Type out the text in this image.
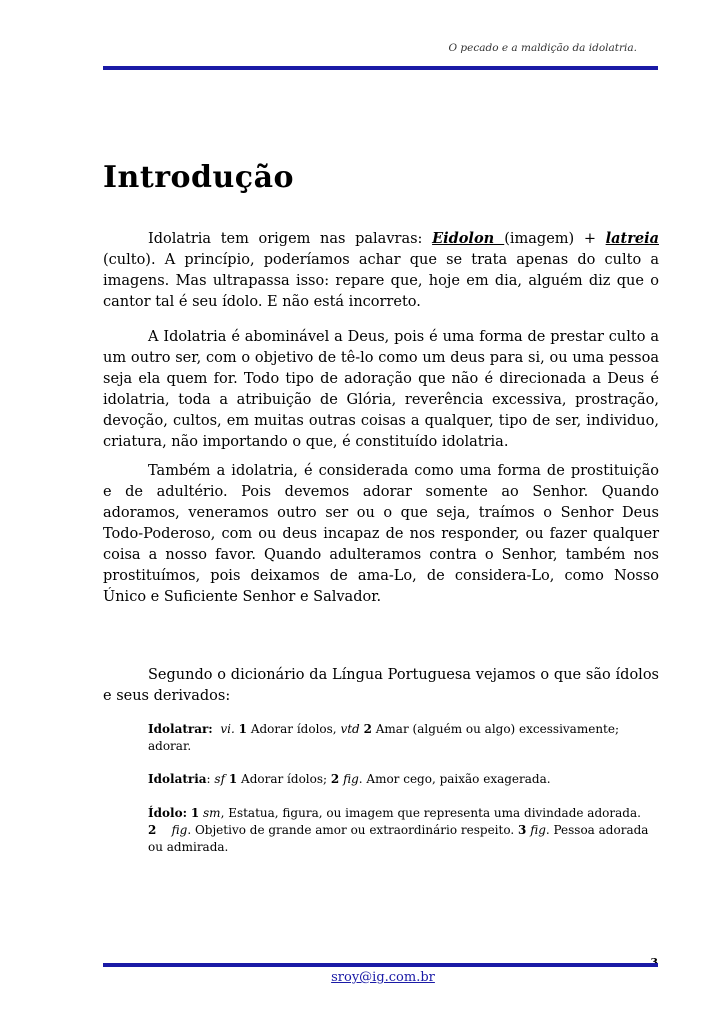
O pecado e a maldição da idolatria.
Introdução

Idolatria tem origem nas palavras: Eidolon (imagem) + latreia (culto). A princípio, poderíamos achar que se trata apenas do culto a imagens. Mas ultrapassa isso: repare que, hoje em dia, alguém diz que o cantor tal é seu ídolo. E não está incorreto.

A Idolatria é abominável a Deus, pois é uma forma de prestar culto a um outro ser, com o objetivo de tê-lo como um deus para si, ou uma pessoa seja ela quem for. Todo tipo de adoração que não é direcionada a Deus é idolatria, toda a atribuição de Glória, reverência excessiva, prostração, devoção, cultos, em muitas outras coisas a qualquer, tipo de ser, individuo, criatura, não importando o que, é constituído idolatria.

Também a idolatria, é considerada como uma forma de prostituição e de adultério. Pois devemos adorar somente ao Senhor. Quando adoramos, veneramos outro ser ou o que seja, traímos o Senhor Deus Todo-Poderoso, com ou deus incapaz de nos responder, ou fazer qualquer coisa a nosso favor. Quando adulteramos contra o Senhor, também nos prostituímos, pois deixamos de ama-Lo, de considera-Lo, como Nosso Único e Suficiente Senhor e Salvador.

Segundo o dicionário da Língua Portuguesa vejamos o que são ídolos e seus derivados:

Idolatrar: vi. 1 Adorar ídolos, vtd 2 Amar (alguém ou algo) excessivamente; adorar.

Idolatria: sf 1 Adorar ídolos; 2 fig. Amor cego, paixão exagerada.

Ídolo: 1 sm, Estatua, figura, ou imagem que representa uma divindade adorada. 2 fig. Objetivo de grande amor ou extraordinário respeito. 3 fig. Pessoa adorada ou admirada.

sroy@ig.com.br
